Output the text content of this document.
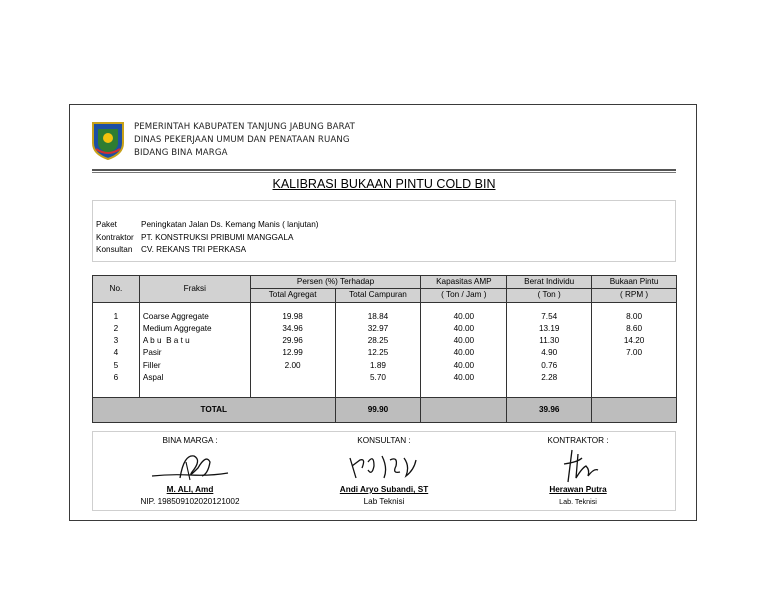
PEMERINTAH KABUPATEN TANJUNG JABUNG BARAT
DINAS PEKERJAAN UMUM DAN PENATAAN RUANG
BIDANG BINA MARGA
KALIBRASI BUKAAN PINTU COLD BIN
Paket	Peningkatan Jalan Ds. Kemang Manis ( lanjutan)
Kontraktor PT. KONSTRUKSI PRIBUMI MANGGALA
Konsultan CV. REKANS TRI PERKASA
No.	Fraksi	Persen (%) Terhadap		Kapasitas AMP	Berat Individu	Bukaan Pintu
		Total Agregat	Total Campuran	( Ton / Jam )	( Ton )	( RPM )

1	Coarse Aggregate	19.98	18.84	40.00	7.54	8.00
2	Medium Aggregate	34.96	32.97	40.00	13.19	8.60
3	A b u  B a t u	29.96	28.25	40.00	11.30	14.20
4	Pasir	12.99	12.25	40.00	4.90	7.00
5	Filler	2.00	1.89	40.00	0.76	
6	Aspal		5.70	40.00	2.28	

TOTAL			99.90		39.96	
BINA MARGA :
M. ALI, Amd
NIP. 198509102020121002
KONSULTAN :
Andi Aryo Subandi, ST
Lab Teknisi
KONTRAKTOR :
Herawan Putra
Lab. Teknisi
